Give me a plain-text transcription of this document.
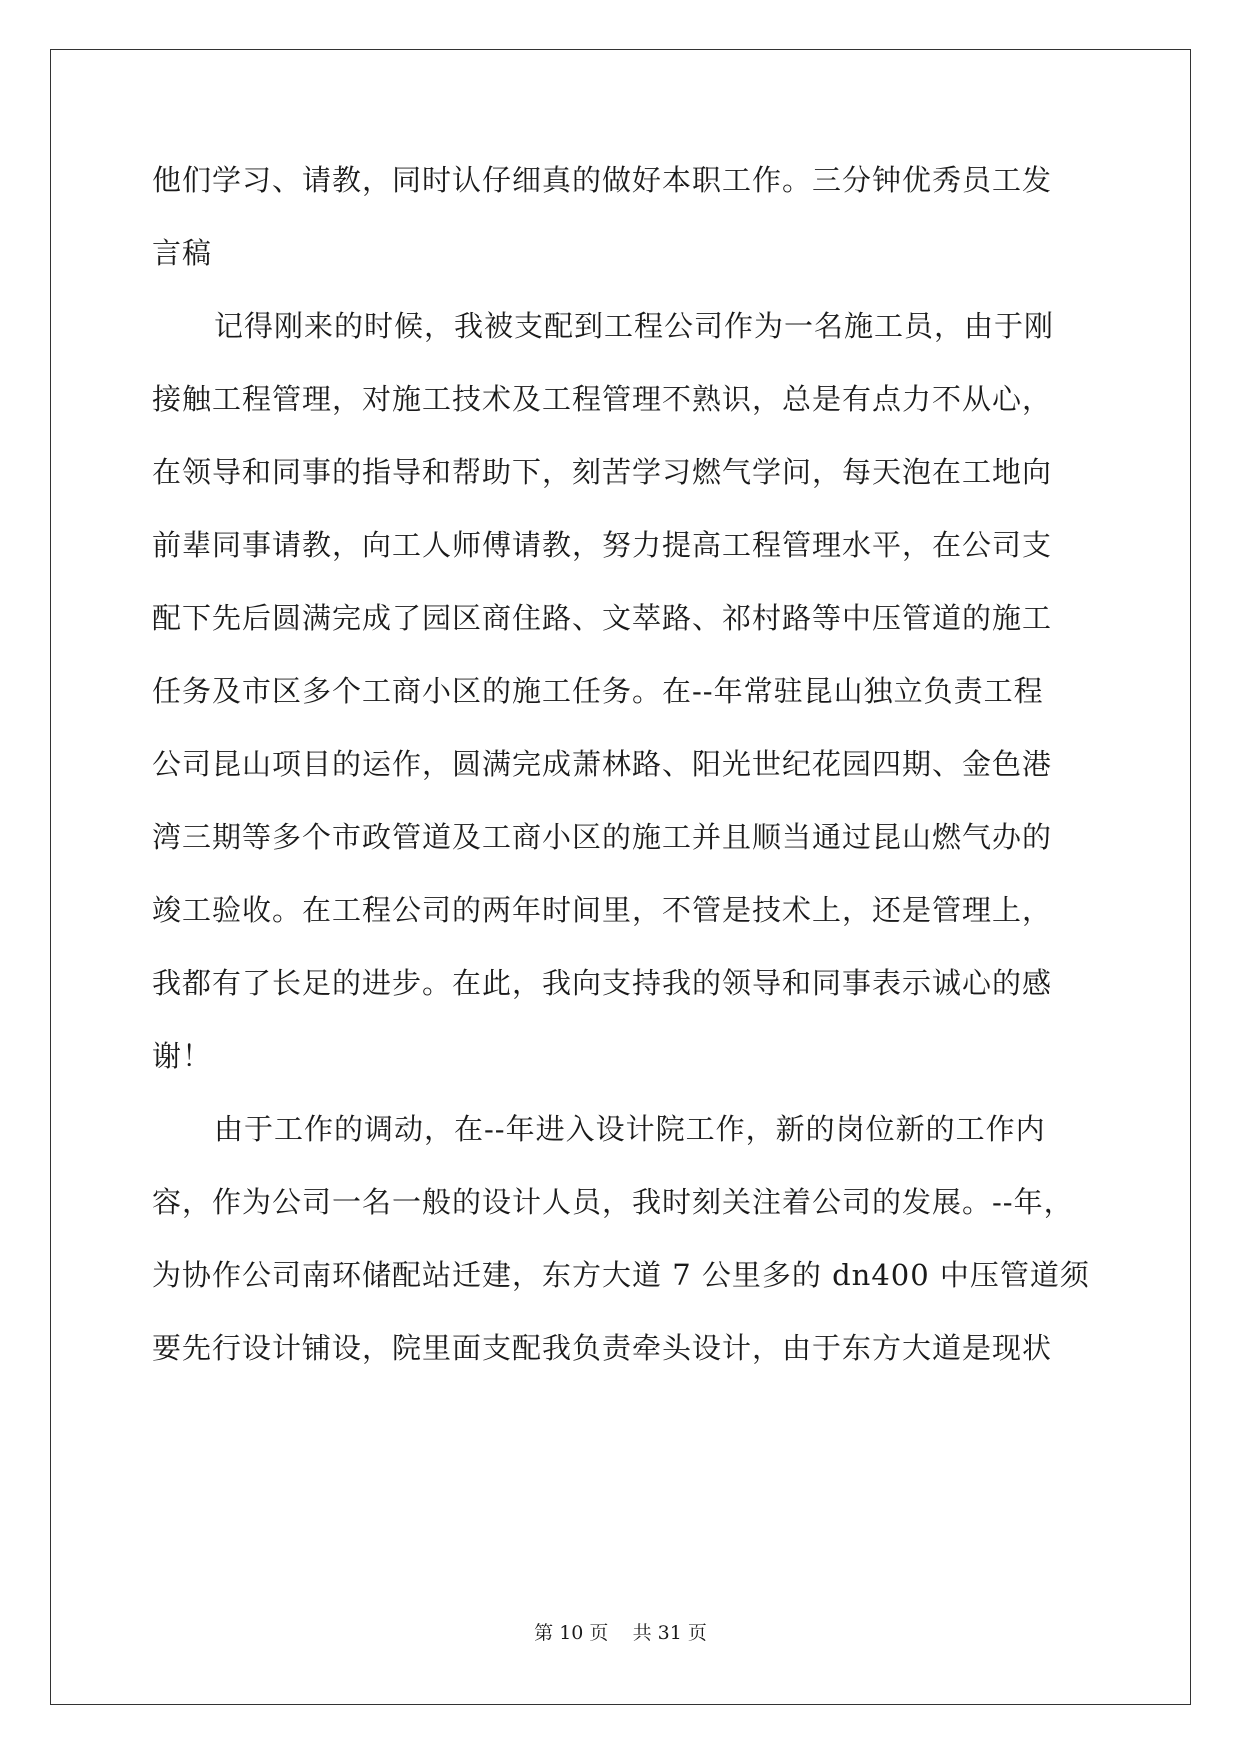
他们学习、请教，同时认仔细真的做好本职工作。三分钟优秀员工发
言稿
记得刚来的时候，我被支配到工程公司作为一名施工员，由于刚
接触工程管理，对施工技术及工程管理不熟识，总是有点力不从心，
在领导和同事的指导和帮助下，刻苦学习燃气学问，每天泡在工地向
前辈同事请教，向工人师傅请教，努力提高工程管理水平，在公司支
配下先后圆满完成了园区商住路、文萃路、祁村路等中压管道的施工
任务及市区多个工商小区的施工任务。在--年常驻昆山独立负责工程
公司昆山项目的运作，圆满完成萧林路、阳光世纪花园四期、金色港
湾三期等多个市政管道及工商小区的施工并且顺当通过昆山燃气办的
竣工验收。在工程公司的两年时间里，不管是技术上，还是管理上，
我都有了长足的进步。在此，我向支持我的领导和同事表示诚心的感
谢！
由于工作的调动，在--年进入设计院工作，新的岗位新的工作内
容，作为公司一名一般的设计人员，我时刻关注着公司的发展。--年，
为协作公司南环储配站迁建，东方大道 7 公里多的 dn400 中压管道须
要先行设计铺设，院里面支配我负责牵头设计，由于东方大道是现状
第 10 页    共 31 页
